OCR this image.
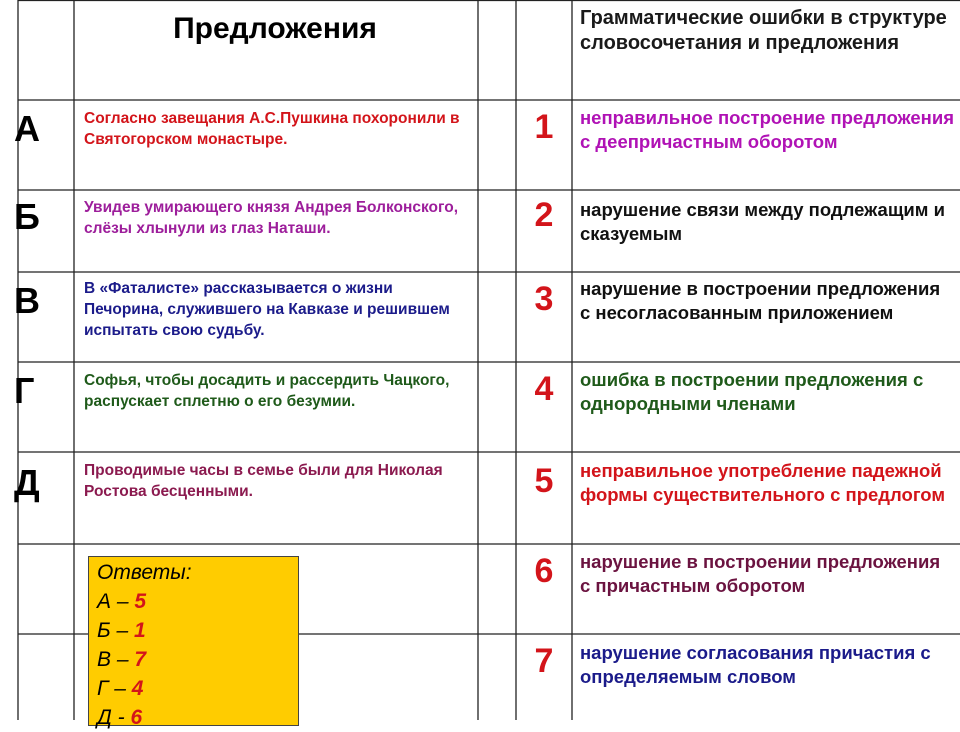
Предложения	Грамматические ошибки в структуре словосочетания и предложения
А
Б
В
Г
Д
Согласно завещания А.С.Пушкина похоронили в Святогорском монастыре.
Увидев умирающего князя Андрея Болконского, слёзы хлынули из глаз Наташи.
В «Фаталисте» рассказывается о жизни Печорина, служившего на Кавказе и решившем испытать свою судьбу.
Софья, чтобы досадить и рассердить Чацкого, распускает сплетню о его безумии.
Проводимые часы в семье были для Николая Ростова бесценными.
1
2
3
4
5
6
7
неправильное построение предложения с деепричастным оборотом
нарушение связи между подлежащим и сказуемым
нарушение в построении предложения с несогласованным приложением
ошибка в построении предложения с однородными членами
неправильное употребление падежной формы существительного с предлогом
нарушение в построении предложения с причастным оборотом
нарушение согласования причастия с определяемым словом
Ответы:
А – 5
Б – 1
В – 7
Г – 4
Д - 6
